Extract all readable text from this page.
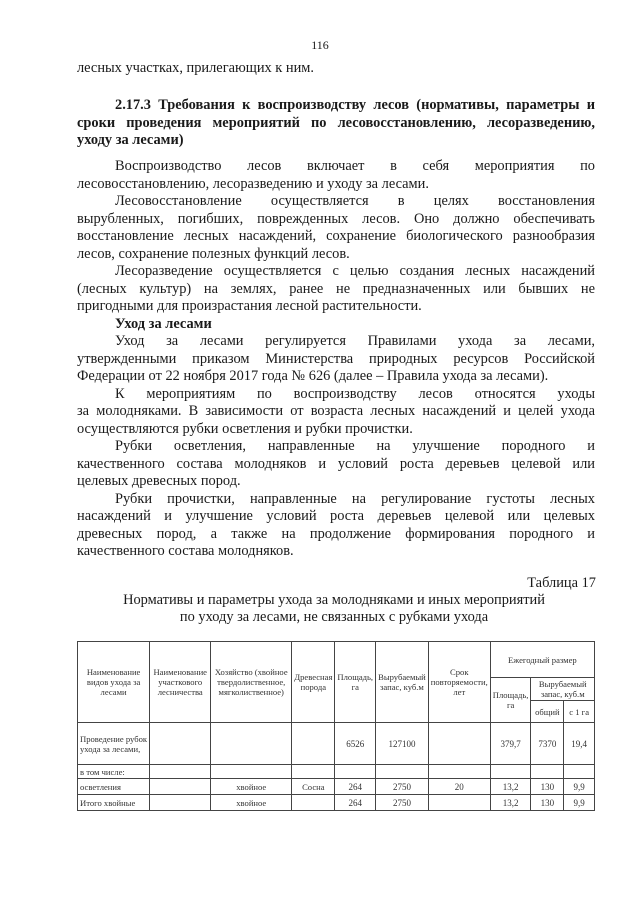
116
лесных участках, прилегающих к ним.
2.17.3 Требования к воспроизводству лесов (нормативы, параметры и
сроки проведения мероприятий по лесовосстановлению, лесоразведению,
уходу за лесами)
Воспроизводство лесов включает в себя мероприятия по
лесовосстановлению, лесоразведению и уходу за лесами.
Лесовосстановление осуществляется в целях восстановления
вырубленных, погибших, поврежденных лесов. Оно должно обеспечивать
восстановление лесных насаждений, сохранение биологического разнообразия
лесов, сохранение полезных функций лесов.
Лесоразведение осуществляется с целью создания лесных насаждений
(лесных культур) на землях, ранее не предназначенных или бывших не
пригодными для произрастания лесной растительности.
Уход за лесами
Уход за лесами регулируется Правилами ухода за лесами,
утвержденными приказом Министерства природных ресурсов Российской
Федерации от 22 ноября 2017 года № 626 (далее – Правила ухода за лесами).
К мероприятиям по воспроизводству лесов относятся уходы
за молодняками. В зависимости от возраста лесных насаждений и целей ухода
осуществляются рубки осветления и рубки прочистки.
Рубки осветления, направленные на улучшение породного и
качественного состава молодняков и условий роста деревьев целевой или
целевых древесных пород.
Рубки прочистки, направленные на регулирование густоты лесных
насаждений и улучшение условий роста деревьев целевой или целевых
древесных пород, а также на продолжение формирования породного и
качественного состава молодняков.
Таблица 17
Нормативы и параметры ухода за молодняками и иных мероприятий
по уходу за лесами, не связанных с рубками ухода
Наименование видов ухода за лесами	Наименование участкового лесничества	Хозяйство (хвойное твердолиственное, мягколиственное)	Древесная порода	Площадь, га	Вырубаемый запас, куб.м	Срок повторяемости, лет	Ежегодный размер		
							Площадь, га	Вырубаемый запас, куб.м	
								общий	с 1 га
Проведение рубок ухода за лесами,				6526	127100		379,7	7370	19,4
в том числе:									
осветления		хвойное	Сосна	264	2750	20	13,2	130	9,9
Итого хвойные		хвойное		264	2750		13,2	130	9,9
